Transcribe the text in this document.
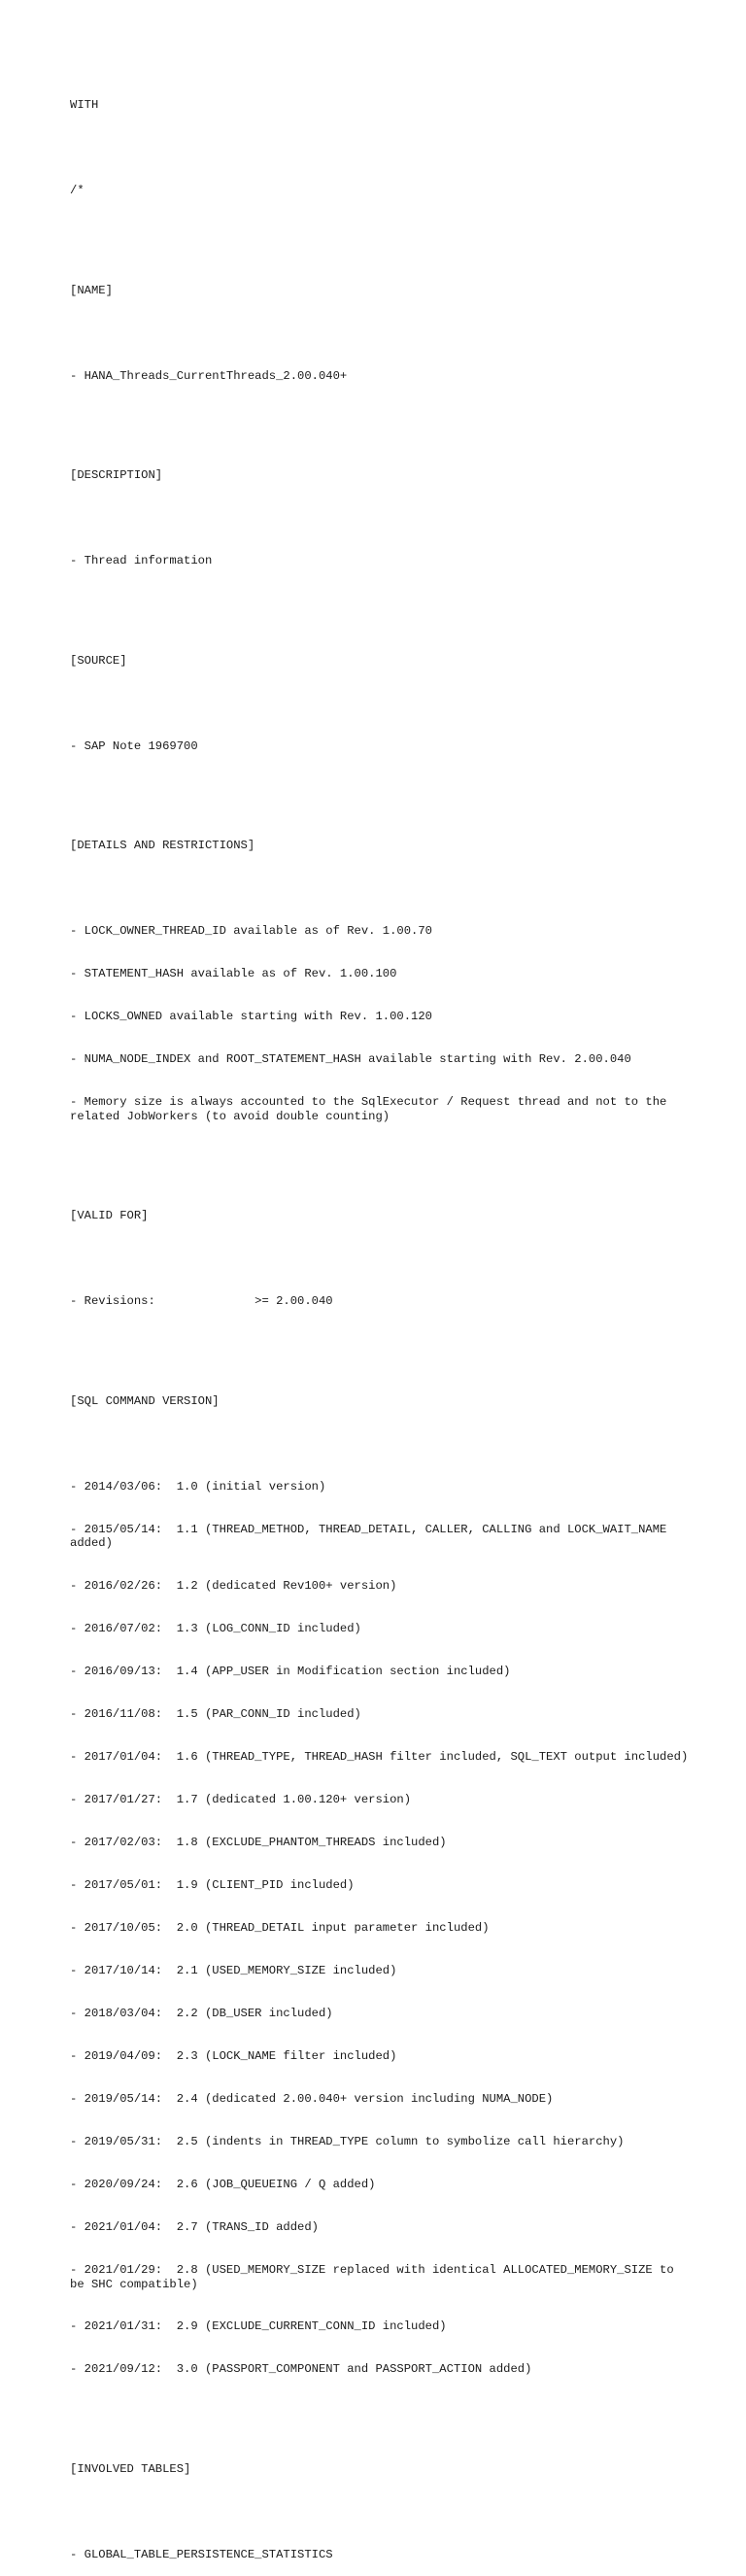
WITH

/*

[NAME]

- HANA_Threads_CurrentThreads_2.00.040+

[DESCRIPTION]

- Thread information

[SOURCE]

- SAP Note 1969700

[DETAILS AND RESTRICTIONS]

- LOCK_OWNER_THREAD_ID available as of Rev. 1.00.70

- STATEMENT_HASH available as of Rev. 1.00.100

- LOCKS_OWNED available starting with Rev. 1.00.120

- NUMA_NODE_INDEX and ROOT_STATEMENT_HASH available starting with Rev. 2.00.040

- Memory size is always accounted to the SqlExecutor / Request thread and not to the related JobWorkers (to avoid double counting)

[VALID FOR]

- Revisions:              >= 2.00.040

[SQL COMMAND VERSION]

- 2014/03/06:  1.0 (initial version)

- 2015/05/14:  1.1 (THREAD_METHOD, THREAD_DETAIL, CALLER, CALLING and LOCK_WAIT_NAME added)

- 2016/02/26:  1.2 (dedicated Rev100+ version)

- 2016/07/02:  1.3 (LOG_CONN_ID included)

- 2016/09/13:  1.4 (APP_USER in Modification section included)

- 2016/11/08:  1.5 (PAR_CONN_ID included)

- 2017/01/04:  1.6 (THREAD_TYPE, THREAD_HASH filter included, SQL_TEXT output included)

- 2017/01/27:  1.7 (dedicated 1.00.120+ version)

- 2017/02/03:  1.8 (EXCLUDE_PHANTOM_THREADS included)

- 2017/05/01:  1.9 (CLIENT_PID included)

- 2017/10/05:  2.0 (THREAD_DETAIL input parameter included)

- 2017/10/14:  2.1 (USED_MEMORY_SIZE included)

- 2018/03/04:  2.2 (DB_USER included)

- 2019/04/09:  2.3 (LOCK_NAME filter included)

- 2019/05/14:  2.4 (dedicated 2.00.040+ version including NUMA_NODE)

- 2019/05/31:  2.5 (indents in THREAD_TYPE column to symbolize call hierarchy)

- 2020/09/24:  2.6 (JOB_QUEUEING / Q added)

- 2021/01/04:  2.7 (TRANS_ID added)

- 2021/01/29:  2.8 (USED_MEMORY_SIZE replaced with identical ALLOCATED_MEMORY_SIZE to be SHC compatible)

- 2021/01/31:  2.9 (EXCLUDE_CURRENT_CONN_ID included)

- 2021/09/12:  3.0 (PASSPORT_COMPONENT and PASSPORT_ACTION added)

[INVOLVED TABLES]

- GLOBAL_TABLE_PERSISTENCE_STATISTICS
